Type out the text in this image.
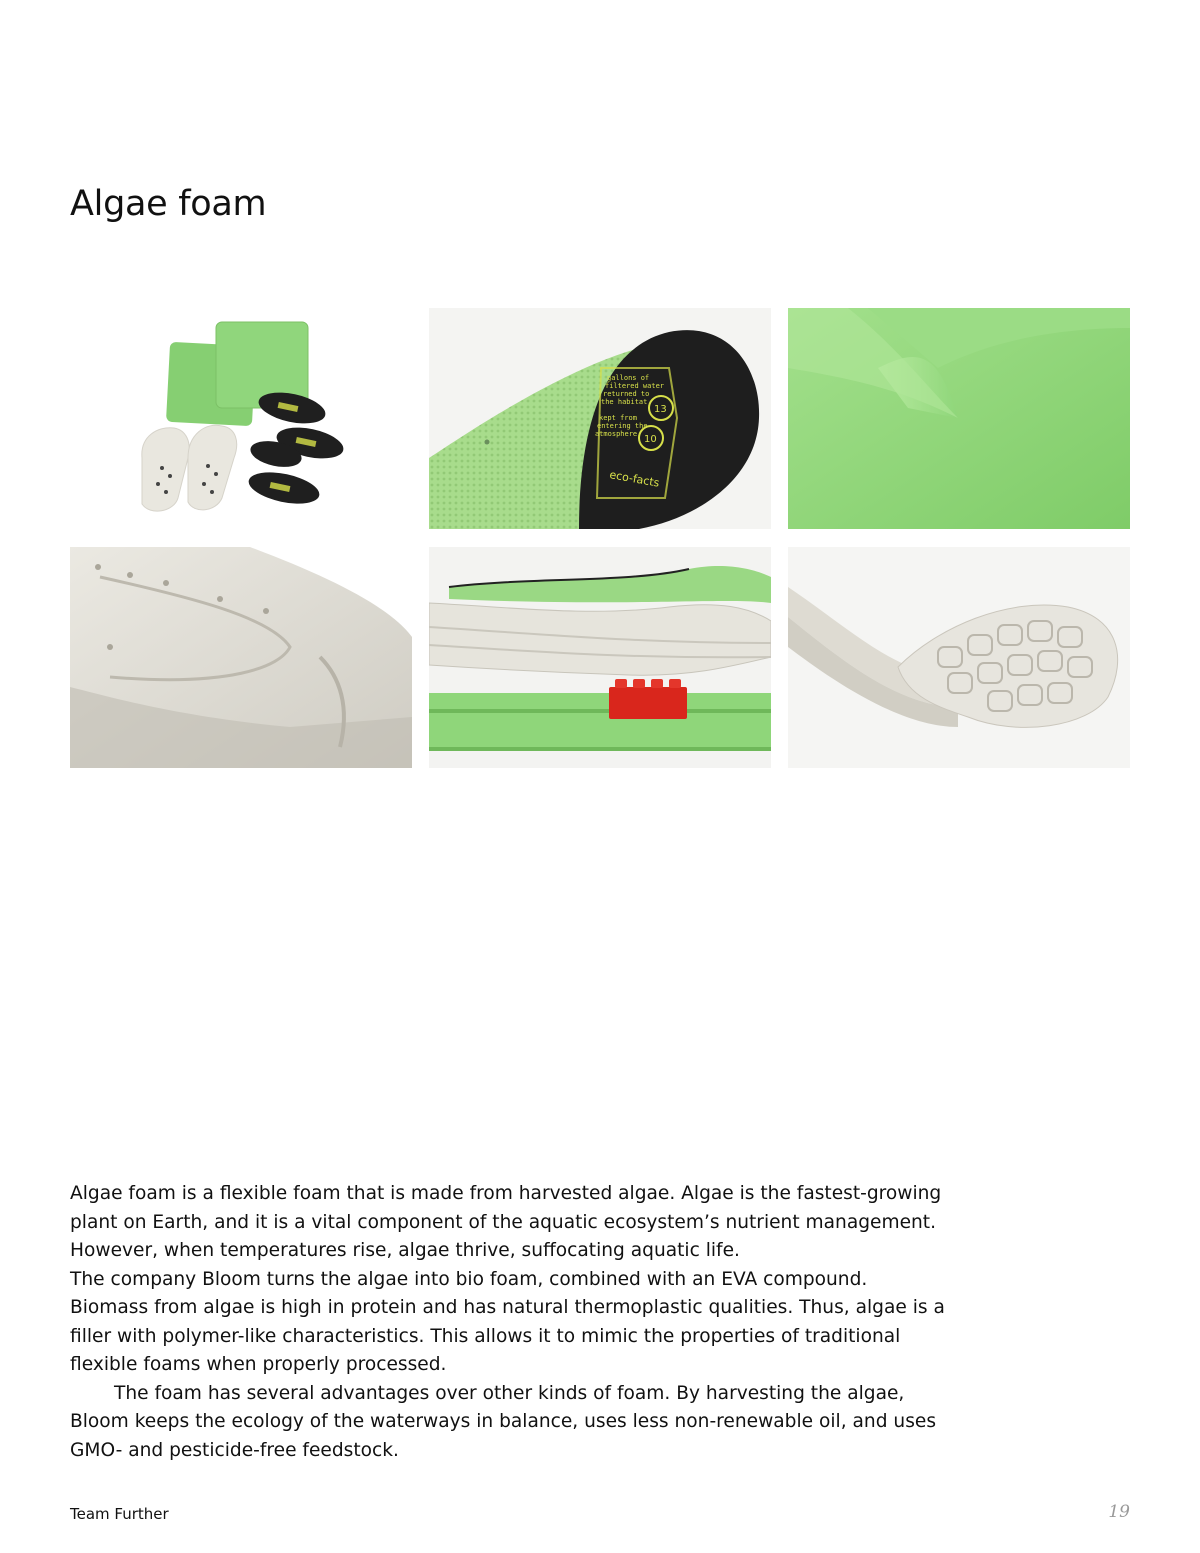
Algae foam
gallons of
filtered water
returned to
the habitat
kept from
entering the
atmosphere
13
10
eco-facts

Algae foam is a flexible foam that is made from harvested algae. Algae is the fastest-growing plant on Earth, and it is a vital component of the aquatic ecosystem’s nutrient management. However, when temperatures rise, algae thrive, suffocating aquatic life.

The company Bloom turns the algae into bio foam, combined with an EVA compound. Biomass from algae is high in protein and has natural thermoplastic qualities. Thus, algae is a filler with polymer-like characteristics. This allows it to mimic the properties of traditional flexible foams when properly processed.

The foam has several advantages over other kinds of foam. By harvesting the algae, Bloom keeps the ecology of the waterways in balance, uses less non-renewable oil, and uses GMO- and pesticide-free feedstock.

Team Further	19
